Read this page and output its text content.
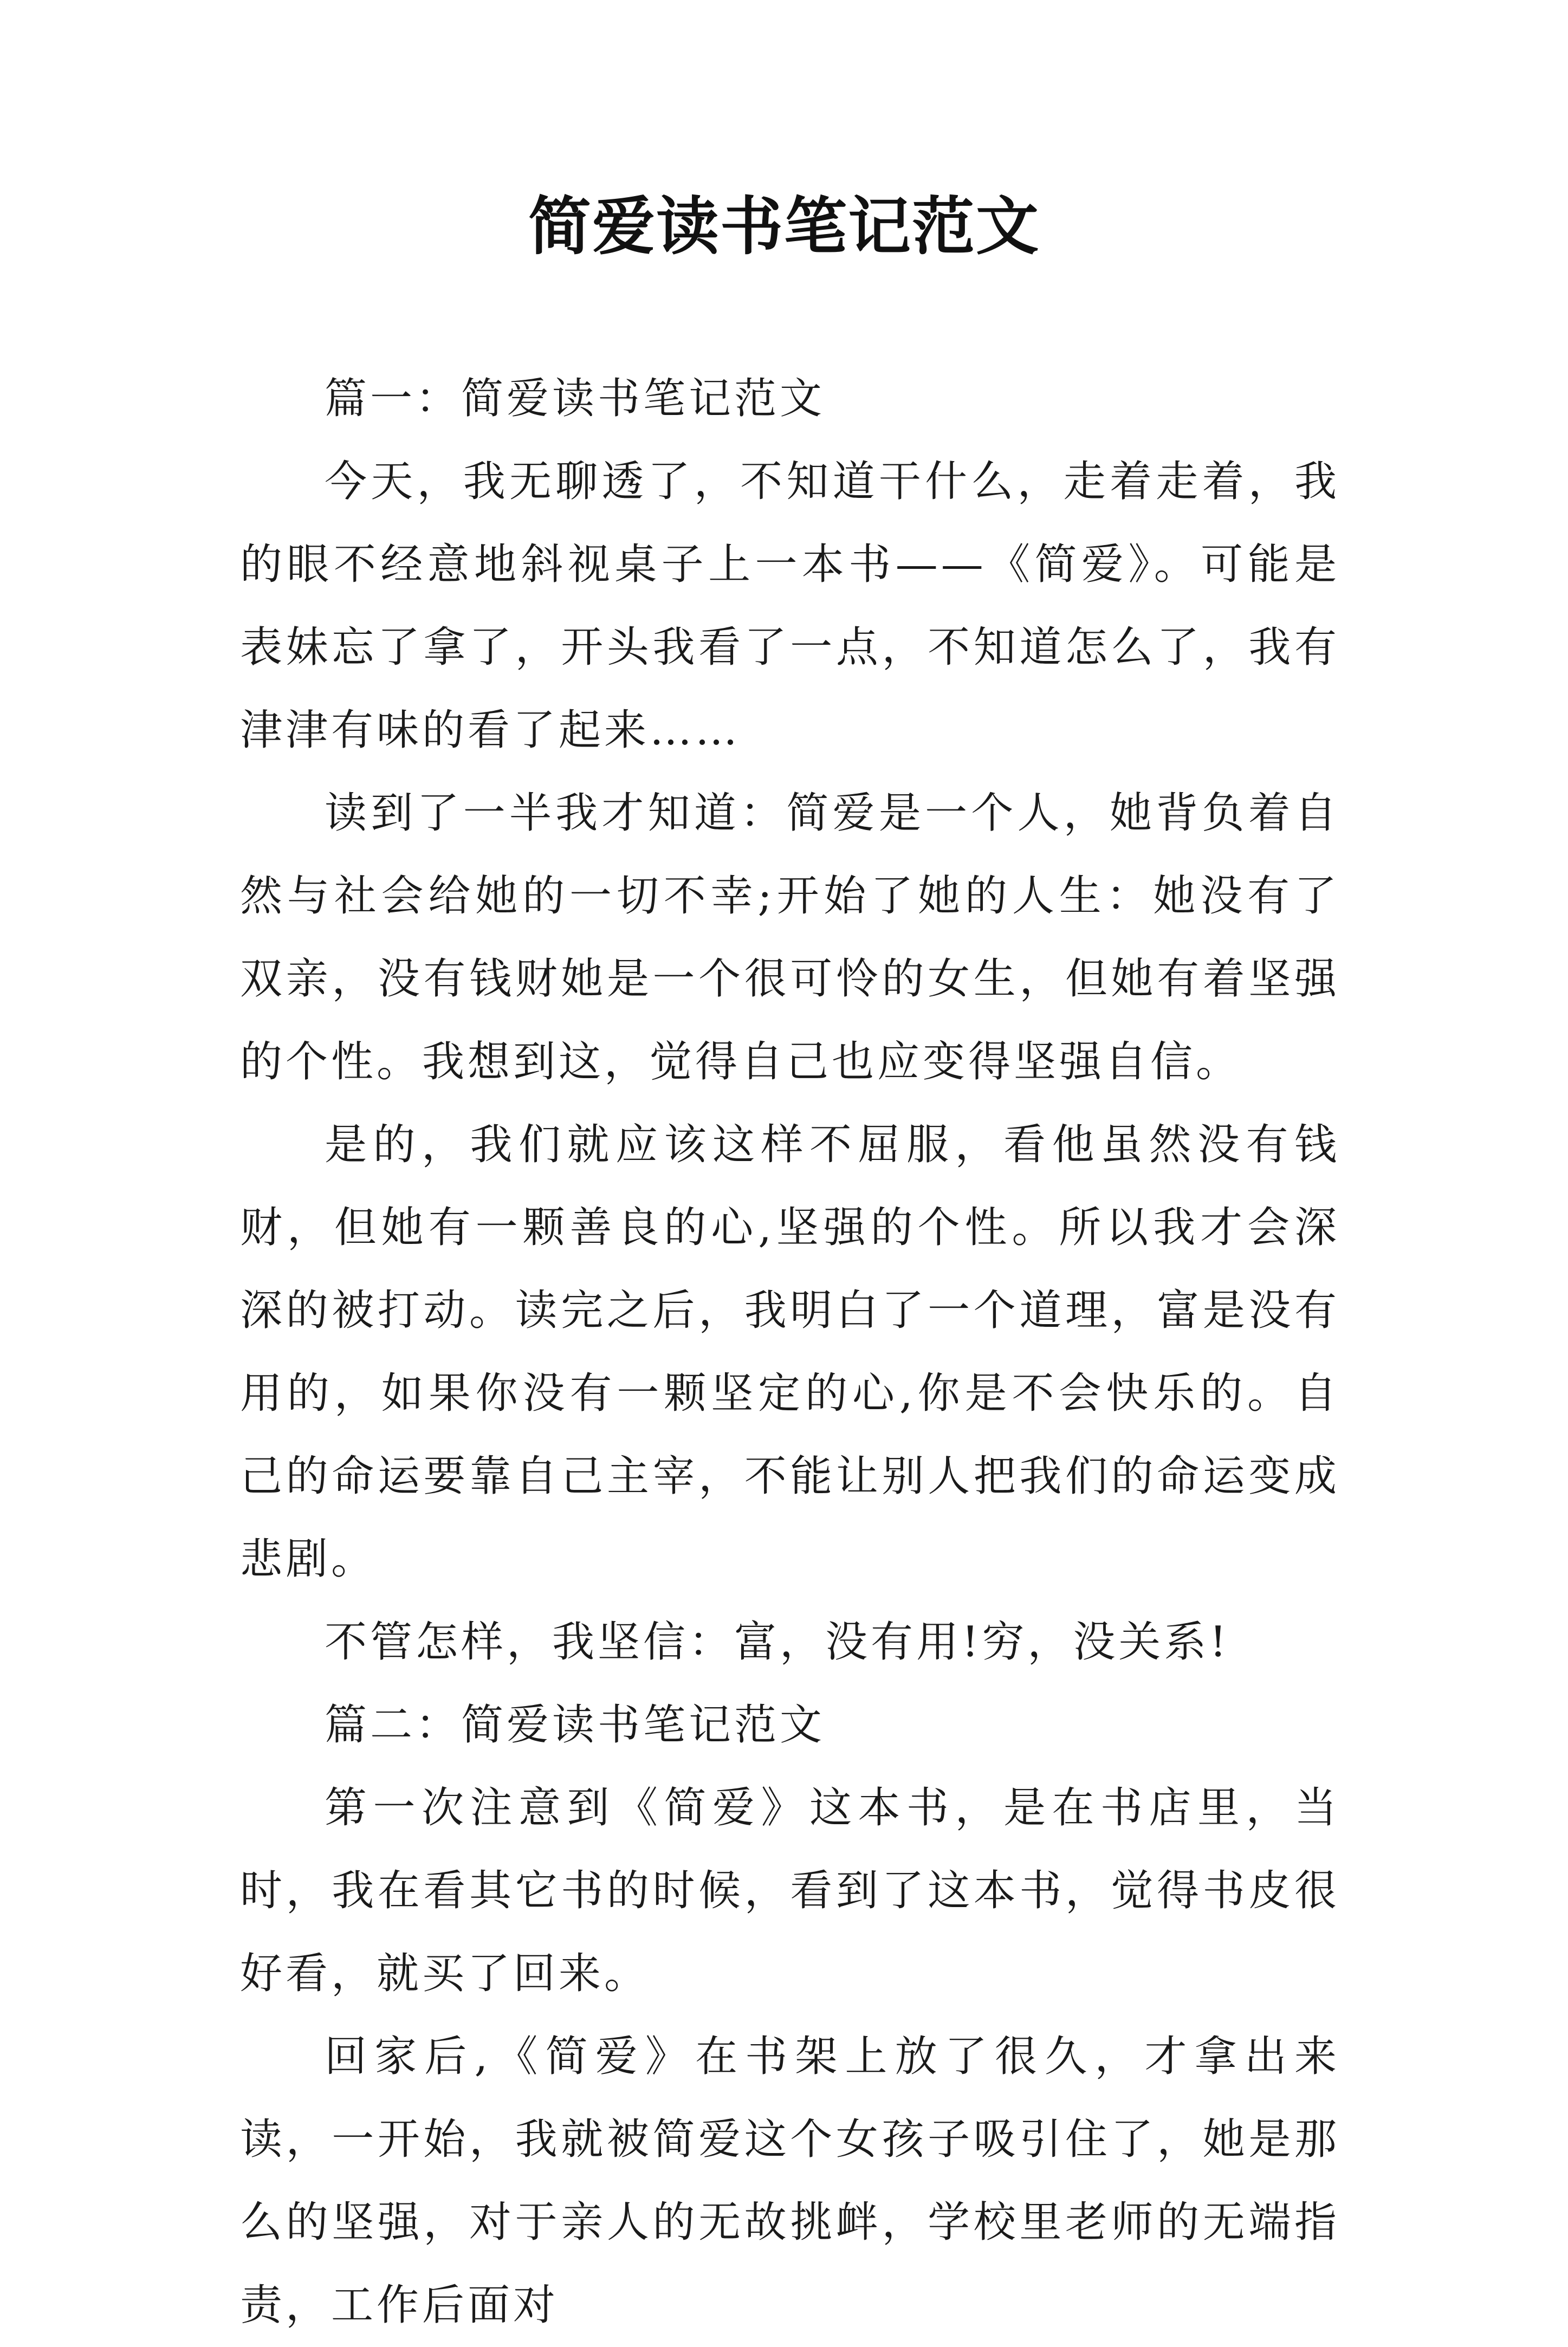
简爱读书笔记范文

篇一：简爱读书笔记范文

今天，我无聊透了，不知道干什么，走着走着，我的眼不经意地斜视桌子上一本书——《简爱》。可能是表妹忘了拿了，开头我看了一点，不知道怎么了，我有津津有味的看了起来……

读到了一半我才知道：简爱是一个人，她背负着自然与社会给她的一切不幸;开始了她的人生：她没有了双亲，没有钱财她是一个很可怜的女生，但她有着坚强的个性。我想到这，觉得自己也应变得坚强自信。

是的，我们就应该这样不屈服，看他虽然没有钱财，但她有一颗善良的心,坚强的个性。所以我才会深深的被打动。读完之后，我明白了一个道理，富是没有用的，如果你没有一颗坚定的心,你是不会快乐的。自己的命运要靠自己主宰，不能让别人把我们的命运变成悲剧。

不管怎样，我坚信：富，没有用!穷，没关系!

篇二：简爱读书笔记范文

第一次注意到《简爱》这本书，是在书店里，当时，我在看其它书的时候，看到了这本书，觉得书皮很好看，就买了回来。

回家后,《简爱》在书架上放了很久，才拿出来读，一开始，我就被简爱这个女孩子吸引住了，她是那么的坚强，对于亲人的无故挑衅，学校里老师的无端指责，工作后面对
